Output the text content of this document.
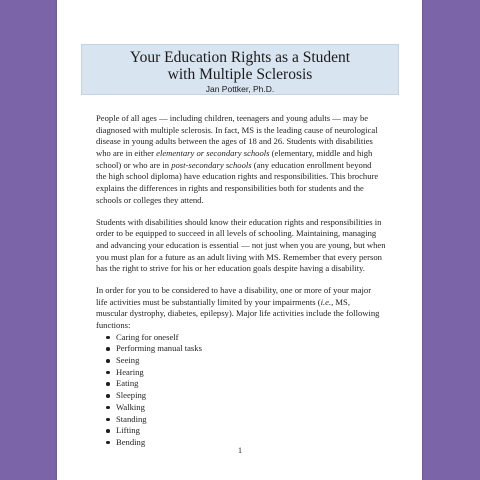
Your Education Rights as a Student
with Multiple Sclerosis
Jan Pottker, Ph.D.
People of all ages — including children, teenagers and young adults — may be
diagnosed with multiple sclerosis. In fact, MS is the leading cause of neurological
disease in young adults between the ages of 18 and 26. Students with disabilities
who are in either elementary or secondary schools (elementary, middle and high
school) or who are in post-secondary schools (any education enrollment beyond
the high school diploma) have education rights and responsibilities. This brochure
explains the differences in rights and responsibilities both for students and the
schools or colleges they attend.
Students with disabilities should know their education rights and responsibilities in
order to be equipped to succeed in all levels of schooling. Maintaining, managing
and advancing your education is essential — not just when you are young, but when
you must plan for a future as an adult living with MS. Remember that every person
has the right to strive for his or her education goals despite having a disability.
In order for you to be considered to have a disability, one or more of your major
life activities must be substantially limited by your impairments (i.e., MS,
muscular dystrophy, diabetes, epilepsy). Major life activities include the following
functions:
Caring for oneself
Performing manual tasks
Seeing
Hearing
Eating
Sleeping
Walking
Standing
Lifting
Bending
1
